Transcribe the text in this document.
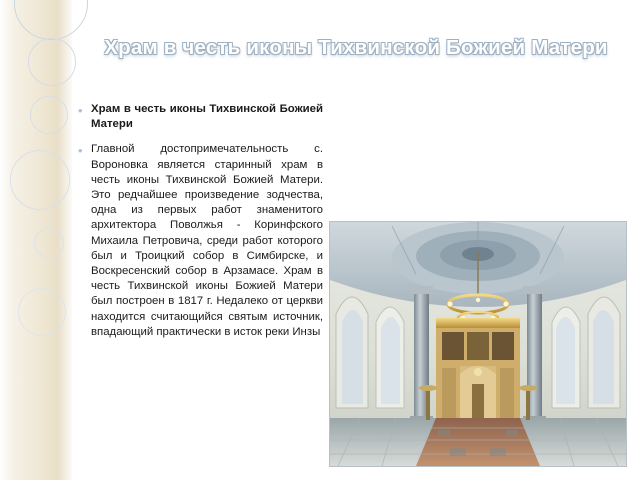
Храм в честь иконы Тихвинской Божией Матери
• Храм в честь иконы Тихвинской Божией Матери
• Главной достопримечательность с. Вороновка является старинный храм в честь иконы Тихвинской Божией Матери. Это редчайшее произведение зодчества, одна из первых работ знаменитого архитектора Поволжья - Коринфского Михаила Петровича, среди работ которого был и Троицкий собор в Симбирске, и Воскресенский собор в Арзамасе. Храм в честь Тихвинской иконы Божией Матери был построен в 1817 г. Недалеко от церкви находится считающийся святым источник, впадающий практически в исток реки Инзы
